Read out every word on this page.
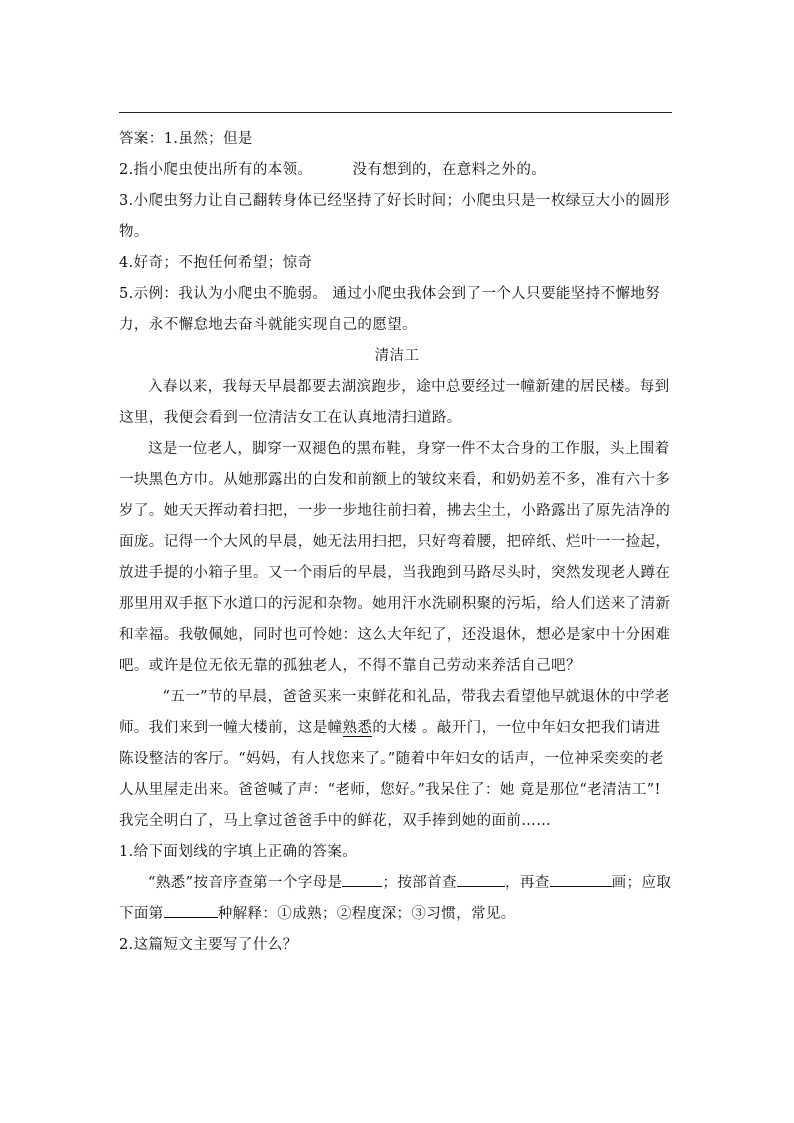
答案：1.虽然；但是

2.指小爬虫使出所有的本领。	没有想到的，在意料之外的。

3.小爬虫努力让自己翻转身体已经坚持了好长时间；小爬虫只是一枚绿豆大小的圆形物。

4.好奇；不抱任何希望；惊奇

5.示例：我认为小爬虫不脆弱。 通过小爬虫我体会到了一个人只要能坚持不懈地努力，永不懈怠地去奋斗就能实现自己的愿望。

清洁工

入春以来，我每天早晨都要去湖滨跑步，途中总要经过一幢新建的居民楼。每到这里，我便会看到一位清洁女工在认真地清扫道路。

这是一位老人，脚穿一双褪色的黑布鞋，身穿一件不太合身的工作服，头上围着一块黑色方巾。从她那露出的白发和前额上的皱纹来看，和奶奶差不多，准有六十多岁了。她天天挥动着扫把，一步一步地往前扫着，拂去尘土，小路露出了原先洁净的面庞。记得一个大风的早晨，她无法用扫把，只好弯着腰，把碎纸、烂叶一一捡起，放进手提的小箱子里。又一个雨后的早晨，当我跑到马路尽头时，突然发现老人蹲在那里用双手抠下水道口的污泥和杂物。她用汗水洗刷积聚的污垢，给人们送来了清新和幸福。我敬佩她，同时也可怜她：这么大年纪了，还没退休，想必是家中十分困难吧。或许是位无依无靠的孤独老人，不得不靠自己劳动来养活自己吧？

“五一”节的早晨，爸爸买来一束鲜花和礼品，带我去看望他早就退休的中学老师。我们来到一幢大楼前，这是幢熟悉的大楼 。敲开门，一位中年妇女把我们请进陈设整洁的客厅。“妈妈，有人找您来了。”随着中年妇女的话声，一位神采奕奕的老人从里屋走出来。爸爸喊了声：“老师，您好。”我呆住了：她 竟是那位“老清洁工”!我完全明白了，马上拿过爸爸手中的鲜花，双手捧到她的面前……

1.给下面划线的字填上正确的答案。

“熟悉”按音序查第一个字母是	；按部首查	，再查	画；应取下面第	种解释：①成熟；②程度深；③习惯，常见。

2.这篇短文主要写了什么？
